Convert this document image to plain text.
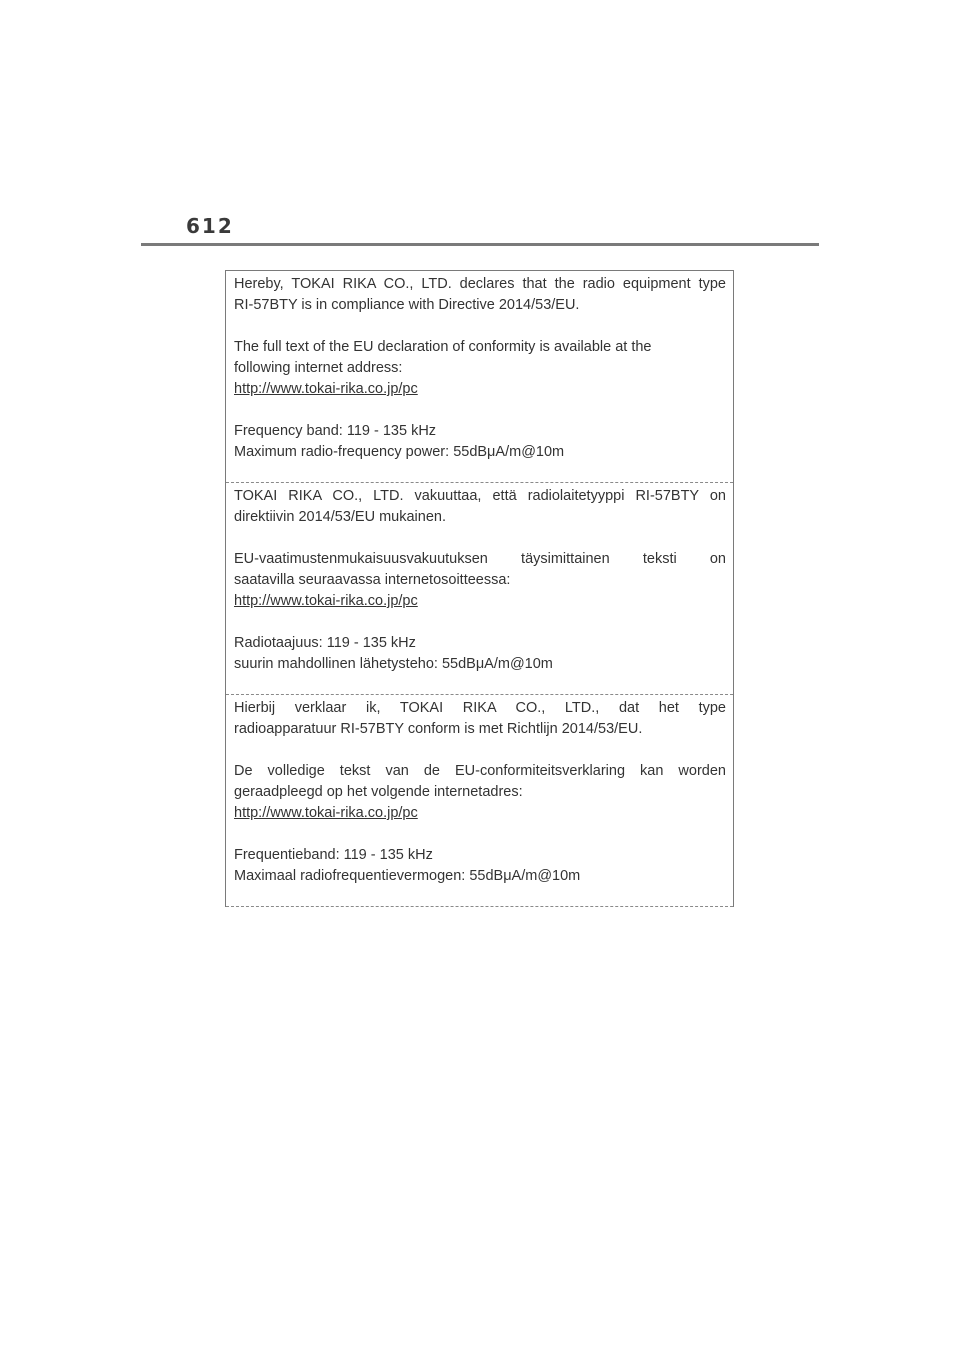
612

Hereby, TOKAI RIKA CO., LTD. declares that the radio equipment type
RI-57BTY is in compliance with Directive 2014/53/EU.

The full text of the EU declaration of conformity is available at the
following internet address:
http://www.tokai-rika.co.jp/pc

Frequency band: 119 - 135 kHz
Maximum radio-frequency power: 55dBμA/m@10m

TOKAI RIKA CO., LTD. vakuuttaa, että radiolaitetyyppi RI-57BTY on
direktiivin 2014/53/EU mukainen.

EU-vaatimustenmukaisuusvakuutuksen täysimittainen teksti on
saatavilla seuraavassa internetosoitteessa:
http://www.tokai-rika.co.jp/pc

Radiotaajuus: 119 - 135 kHz
suurin mahdollinen lähetysteho: 55dBμA/m@10m

Hierbij verklaar ik, TOKAI RIKA CO., LTD., dat het type
radioapparatuur RI-57BTY conform is met Richtlijn 2014/53/EU.

De volledige tekst van de EU-conformiteitsverklaring kan worden
geraadpleegd op het volgende internetadres:
http://www.tokai-rika.co.jp/pc

Frequentieband: 119 - 135 kHz
Maximaal radiofrequentievermogen: 55dBμA/m@10m
